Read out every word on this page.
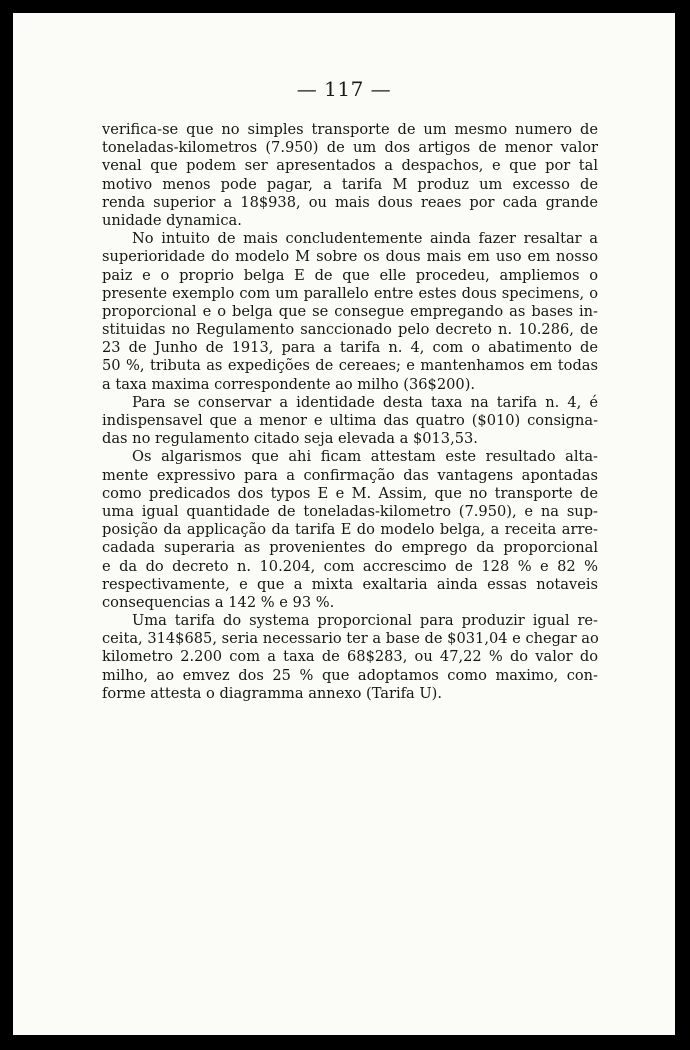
— 117 —
verifica-se que no simples transporte de um mesmo numero de
toneladas-kilometros (7.950) de um dos artigos de menor valor
venal que podem ser apresentados a despachos, e que por tal
motivo menos pode pagar, a tarifa M produz um excesso de
renda superior a 18$938, ou mais dous reaes por cada grande
unidade dynamica.
No intuito de mais concludentemente ainda fazer resaltar a
superioridade do modelo M sobre os dous mais em uso em nosso
paiz e o proprio belga E de que elle procedeu, ampliemos o
presente exemplo com um parallelo entre estes dous specimens, o
proporcional e o belga que se consegue empregando as bases in-
stituidas no Regulamento sanccionado pelo decreto n. 10.286, de
23 de Junho de 1913, para a tarifa n. 4, com o abatimento de
50 %, tributa as expedições de cereaes; e mantenhamos em todas
a taxa maxima correspondente ao milho (36$200).
Para se conservar a identidade desta taxa na tarifa n. 4, é
indispensavel que a menor e ultima das quatro ($010) consigna-
das no regulamento citado seja elevada a $013,53.
Os algarismos que ahi ficam attestam este resultado alta-
mente expressivo para a confirmação das vantagens apontadas
como predicados dos typos E e M. Assim, que no transporte de
uma igual quantidade de toneladas-kilometro (7.950), e na sup-
posição da applicação da tarifa E do modelo belga, a receita arre-
cadada superaria as provenientes do emprego da proporcional
e da do decreto n. 10.204, com accrescimo de 128 % e 82 %
respectivamente, e que a mixta exaltaria ainda essas notaveis
consequencias a 142 % e 93 %.
Uma tarifa do systema proporcional para produzir igual re-
ceita, 314$685, seria necessario ter a base de $031,04 e chegar ao
kilometro 2.200 com a taxa de 68$283, ou 47,22 % do valor do
milho, ao emvez dos 25 % que adoptamos como maximo, con-
forme attesta o diagramma annexo (Tarifa U).
